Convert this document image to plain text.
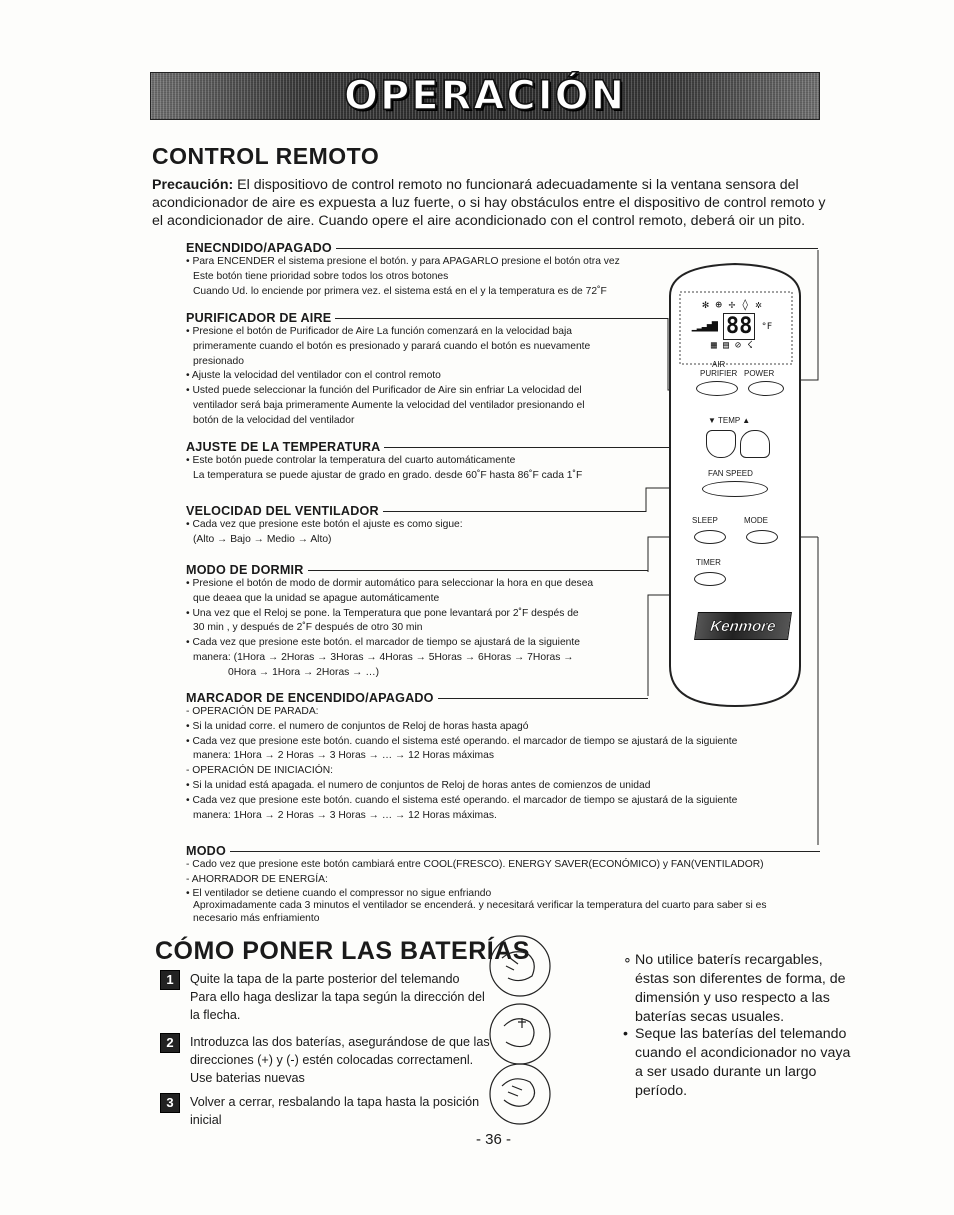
OPERACIÓN
CONTROL REMOTO
Precaución: El dispositiovo de control remoto no funcionará adecuadamente si la ventana sensora del
acondicionador de aire es expuesta a luz fuerte, o si hay obstáculos entre el dispositivo de control remoto y
el acondicionador de aire. Cuando opere el aire acondicionado con el control remoto, deberá oir un pito.
ENECNDIDO/APAGADO
• Para ENCENDER el sistema presione el botón. y para APAGARLO presione el botón otra vez
Este botón tiene prioridad sobre todos los otros botones
Cuando Ud. lo enciende por primera vez. el sistema está en el y la temperatura es de 72˚F
PURIFICADOR DE AIRE
• Presione el botón de Purificador de Aire La función comenzará en la velocidad baja
primeramente cuando el botón es presionado y parará cuando el botón es nuevamente
presionado
• Ajuste la velocidad del ventilador con el control remoto
• Usted puede seleccionar la función del Purificador de Aire sin enfriar La velocidad del
ventilador será baja primeramente Aumente la velocidad del ventilador presionando el
botón de la velocidad del ventilador
AJUSTE DE LA TEMPERATURA
• Este botón puede controlar la temperatura del cuarto automáticamente
La temperatura se puede ajustar de grado en grado. desde 60˚F hasta 86˚F cada 1˚F
VELOCIDAD DEL VENTILADOR
• Cada vez que presione este botón el ajuste es como sigue:
(Alto → Bajo → Medio → Alto)
MODO DE DORMIR
• Presione el botón de modo de dormir automático para seleccionar la hora en que desea
que deaea que la unidad se apague automáticamente
• Una vez que el Reloj se pone. la Temperatura que pone levantará por 2˚F despés de
30 min , y después de 2˚F después de otro 30 min
• Cada vez que presione este botón. el marcador de tiempo se ajustará de la siguiente
manera: (1Hora → 2Horas → 3Horas → 4Horas → 5Horas → 6Horas → 7Horas →
0Hora → 1Hora → 2Horas → …)
MARCADOR DE ENCENDIDO/APAGADO
- OPERACIÓN DE PARADA:
• Si la unidad corre. el numero de conjuntos de Reloj de horas hasta apagó
• Cada vez que presione este botón. cuando el sistema esté operando. el marcador de tiempo se ajustará de la siguiente
manera: 1Hora → 2 Horas → 3 Horas → … → 12 Horas máximas
- OPERACIÓN DE INICIACIÓN:
• Si la unidad está apagada. el numero de conjuntos de Reloj de horas antes de comienzos de unidad
• Cada vez que presione este botón. cuando el sistema esté operando. el marcador de tiempo se ajustará de la siguiente
manera: 1Hora → 2 Horas → 3 Horas → … → 12 Horas máximas.
MODO
- Cado vez que presione este botón cambiará entre COOL(FRESCO). ENERGY SAVER(ECONÓMICO) y FAN(VENTILADOR)
- AHORRADOR DE ENERGÍA:
• El ventilador se detiene cuando el compressor no sigue enfriando
Aproximadamente cada 3 minutos el ventilador se encenderá. y necesitará verificar la temperatura del cuarto para saber si es
necesario más enfriamiento
✻ ⊕ ✢ ◊ ✲
▁▂▃▅▇ 88	°F
▦ ▤ ⊘ ☇
AIR
PURIFIER POWER
▼ TEMP ▲
FAN SPEED
SLEEP	MODE
TIMER
Kenmore
CÓMO PONER LAS BATERÍAS
1	Quite la tapa de la parte posterior del telemando
Para ello haga deslizar la tapa según la dirección del
la flecha.
2	Introduzca las dos baterías, asegurándose de que las
direcciones (+) y (-) estén colocadas correctamenl.
Use baterias nuevas
3	Volver a cerrar, resbalando la tapa hasta la posición
inicial
∘ No utilice baterís recargables,
éstas son diferentes de forma, de
dimensión y uso respecto a las
baterías secas usuales.
• Seque las baterías del telemando
cuando el acondicionador no vaya
a ser usado durante un largo
período.
- 36 -
